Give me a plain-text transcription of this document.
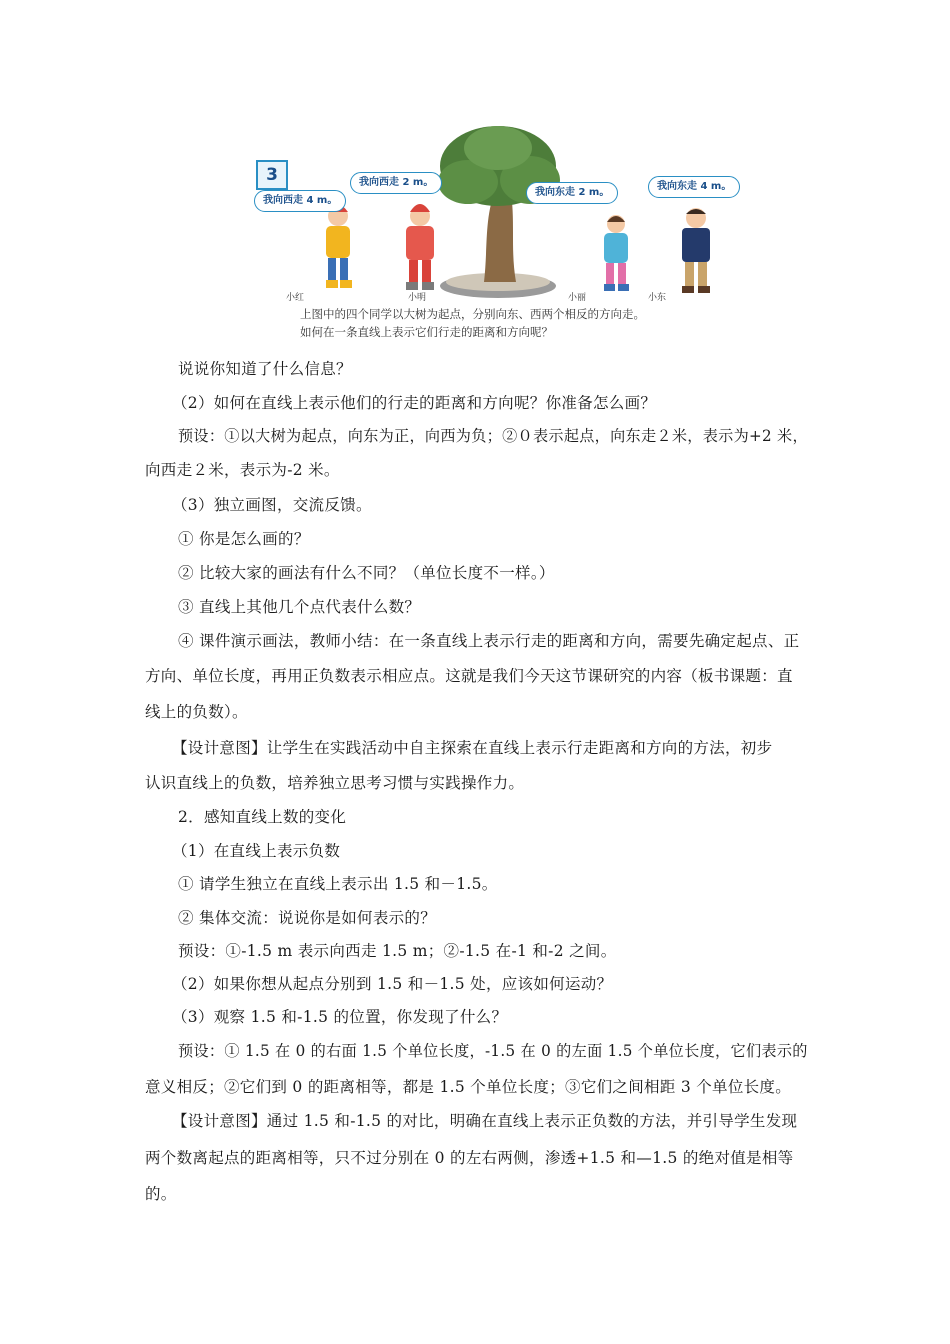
3
我向西走 4 m。
我向西走 2 m。
我向东走 2 m。
我向东走 4 m。
小红	小明	小丽	小东
上图中的四个同学以大树为起点，分别向东、西两个相反的方向走。
如何在一条直线上表示它们行走的距离和方向呢？
说说你知道了什么信息？
（2）如何在直线上表示他们的行走的距离和方向呢？你准备怎么画？
预设：①以大树为起点，向东为正，向西为负；②０表示起点，向东走２米，表示为+2 米，
向西走２米，表示为-2 米。
（3）独立画图，交流反馈。
① 你是怎么画的？
② 比较大家的画法有什么不同？（单位长度不一样。）
③ 直线上其他几个点代表什么数？
④ 课件演示画法，教师小结：在一条直线上表示行走的距离和方向，需要先确定起点、正
方向、单位长度，再用正负数表示相应点。这就是我们今天这节课研究的内容（板书课题：直
线上的负数）。
【设计意图】让学生在实践活动中自主探索在直线上表示行走距离和方向的方法，初步
认识直线上的负数，培养独立思考习惯与实践操作力。
2．感知直线上数的变化
（1）在直线上表示负数
① 请学生独立在直线上表示出 1.5 和－1.5。
② 集体交流：说说你是如何表示的？
预设：①-1.5 m 表示向西走 1.5 m；②-1.5 在-1 和-2 之间。
（2）如果你想从起点分别到 1.5 和－1.5 处，应该如何运动？
（3）观察 1.5 和-1.5 的位置，你发现了什么？
预设：① 1.5 在 0 的右面 1.5 个单位长度，-1.5 在 0 的左面 1.5 个单位长度，它们表示的
意义相反；②它们到 0 的距离相等，都是 1.5 个单位长度；③它们之间相距 3 个单位长度。
【设计意图】通过 1.5 和-1.5 的对比，明确在直线上表示正负数的方法，并引导学生发现
两个数离起点的距离相等，只不过分别在 0 的左右两侧，渗透+1.5 和—1.5 的绝对值是相等
的。
